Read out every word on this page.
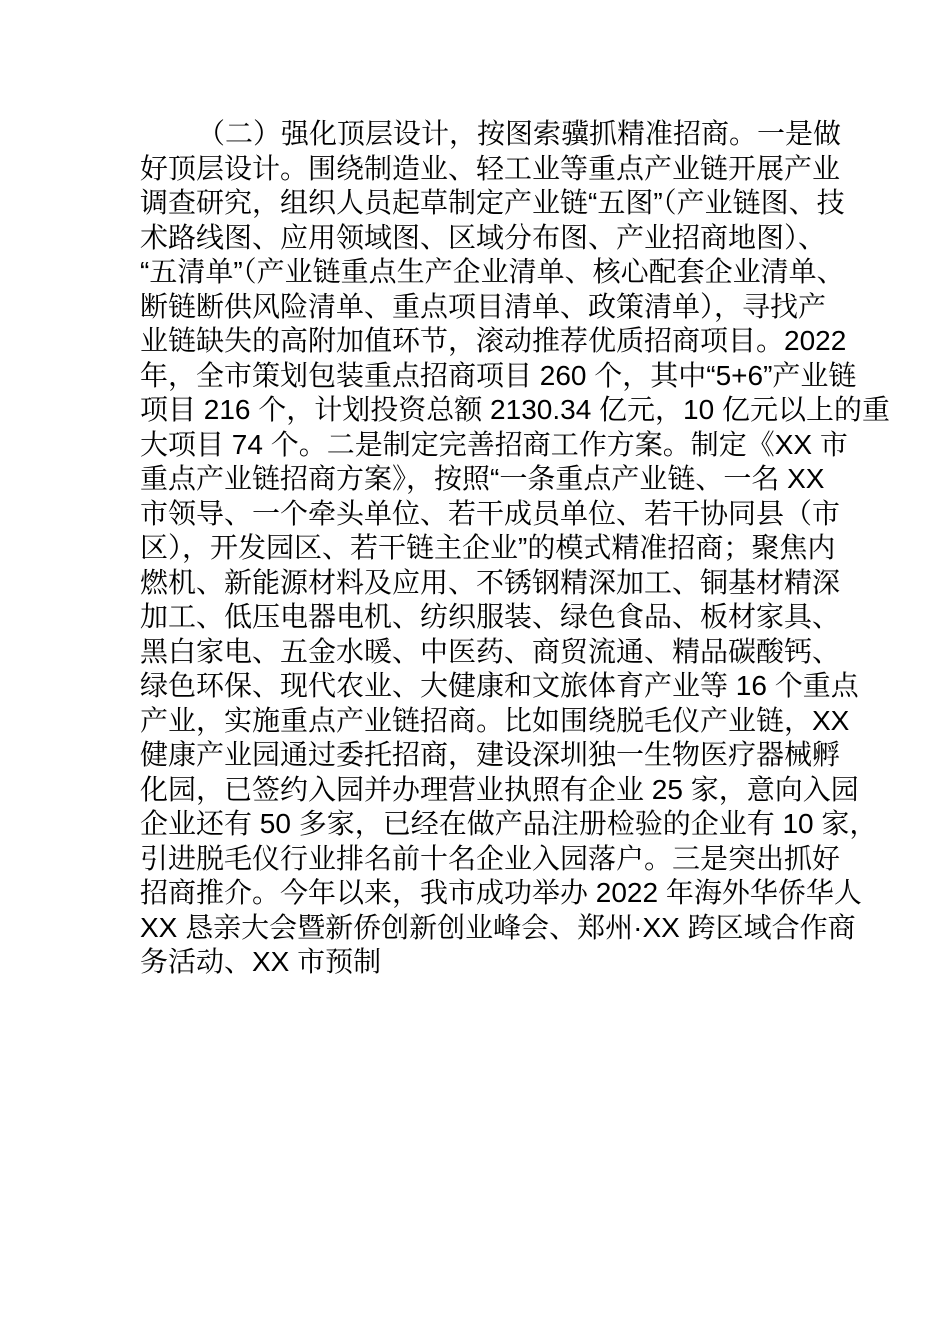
（二）强化顶层设计，按图索骥抓精准招商。一是做
好顶层设计。围绕制造业、轻工业等重点产业链开展产业
调查研究，组织人员起草制定产业链“五图”（产业链图、技
术路线图、应用领域图、区域分布图、产业招商地图）、
“五清单”（产业链重点生产企业清单、核心配套企业清单、
断链断供风险清单、重点项目清单、政策清单），寻找产
业链缺失的高附加值环节，滚动推荐优质招商项目。2022
年，全市策划包装重点招商项目 260 个，其中“5+6”产业链
项目 216 个，计划投资总额 2130.34 亿元，10 亿元以上的重
大项目 74 个。二是制定完善招商工作方案。制定《XX 市
重点产业链招商方案》，按照“一条重点产业链、一名 XX
市领导、一个牵头单位、若干成员单位、若干协同县（市
区），开发园区、若干链主企业”的模式精准招商；聚焦内
燃机、新能源材料及应用、不锈钢精深加工、铜基材精深
加工、低压电器电机、纺织服装、绿色食品、板材家具、
黑白家电、五金水暖、中医药、商贸流通、精品碳酸钙、
绿色环保、现代农业、大健康和文旅体育产业等 16 个重点
产业，实施重点产业链招商。比如围绕脱毛仪产业链，XX
健康产业园通过委托招商，建设深圳独一生物医疗器械孵
化园，已签约入园并办理营业执照有企业 25 家，意向入园
企业还有 50 多家，已经在做产品注册检验的企业有 10 家，
引进脱毛仪行业排名前十名企业入园落户。三是突出抓好
招商推介。今年以来，我市成功举办 2022 年海外华侨华人
XX 恳亲大会暨新侨创新创业峰会、郑州·XX 跨区域合作商
务活动、XX 市预制
